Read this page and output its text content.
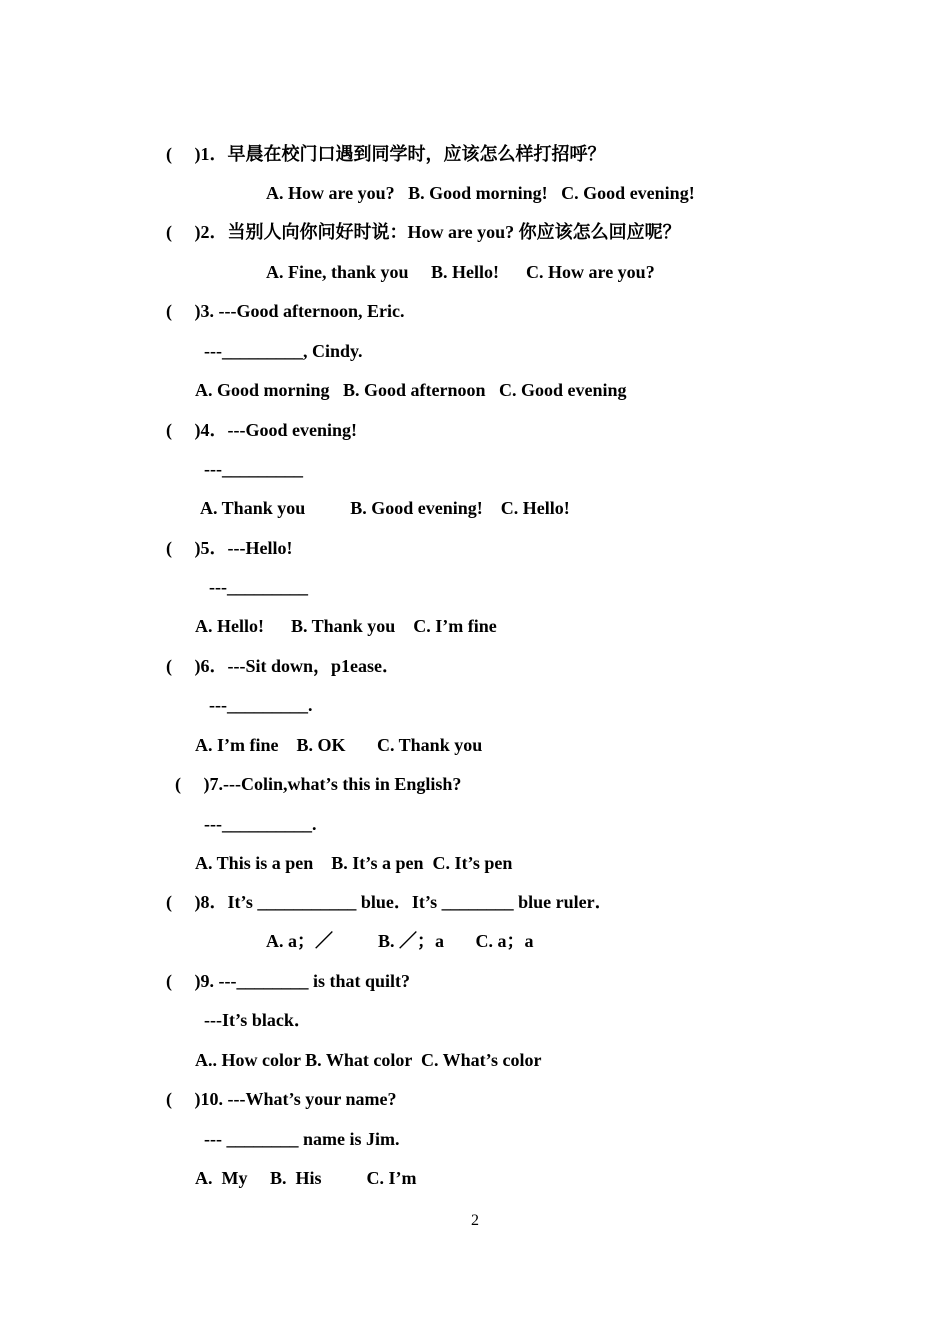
(     )1．早晨在校门口遇到同学时，应该怎么样打招呼？
A. How are you?   B. Good morning!   C. Good evening!
(     )2．当别人向你问好时说：How are you? 你应该怎么回应呢？
A. Fine, thank you     B. Hello!      C. How are you?
(     )3. ---Good afternoon, Eric.
---_________, Cindy.
A. Good morning   B. Good afternoon   C. Good evening
(     )4．---Good evening!
---_________
A. Thank you          B. Good evening!    C. Hello!
(     )5．---Hello!
---_________
A. Hello!      B. Thank you    C. I’m fine
(     )6．---Sit down，p1ease．
---_________.
A. I’m fine    B. OK       C. Thank you
(     )7.---Colin,what’s this in English?
---__________.
A. This is a pen    B. It’s a pen  C. It’s pen
(     )8．It’s ___________ blue．It’s ________ blue ruler．
A. a；／          B. ／；a       C. a；a
(     )9. ---________ is that quilt?
---It’s black．
A.. How color B. What color  C. What’s color
(     )10. ---What’s your name?
--- ________ name is Jim.
A.  My     B.  His          C. I’m
2
